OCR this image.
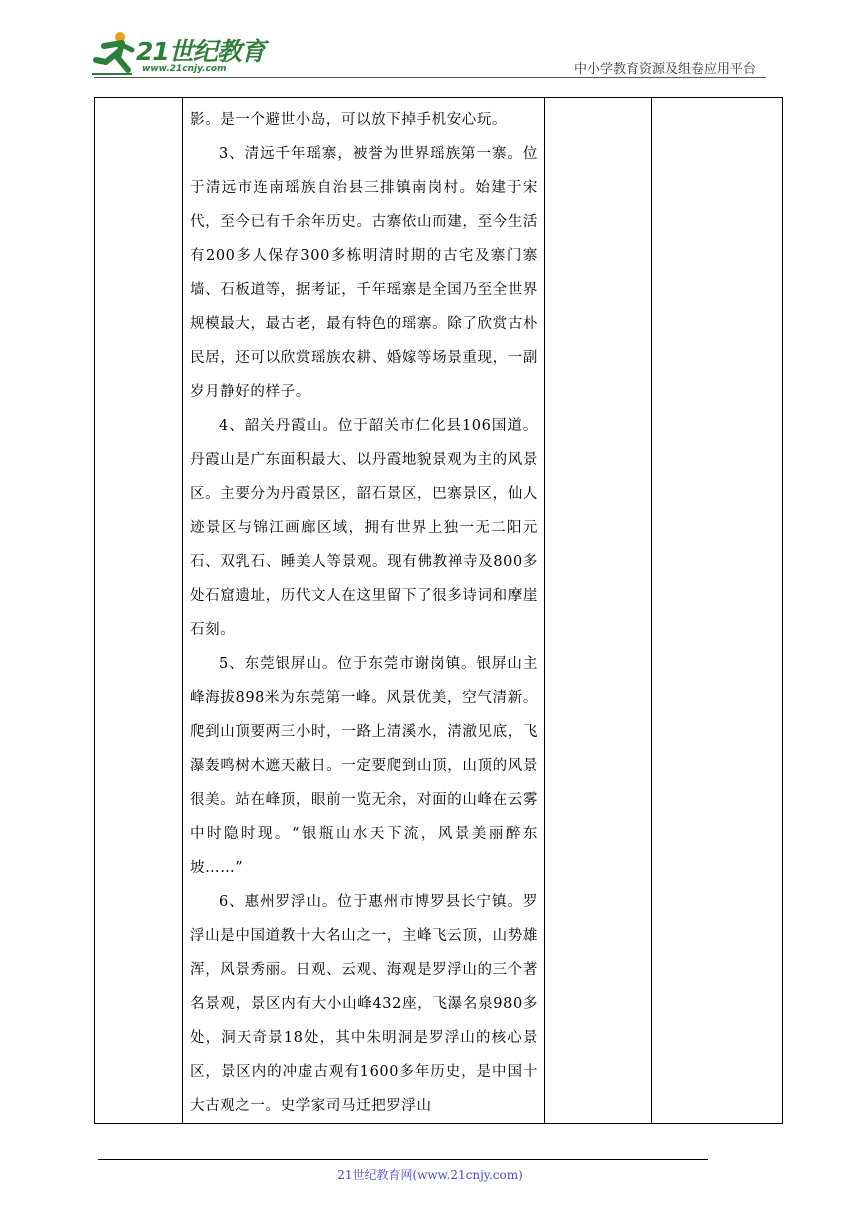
21世纪教育
www.21cnjy.com	中小学教育资源及组卷应用平台

影。是一个避世小岛，可以放下掉手机安心玩。

3、清远千年瑶寨，被誉为世界瑶族第一寨。位于清远市连南瑶族自治县三排镇南岗村。始建于宋代，至今已有千余年历史。古寨依山而建，至今生活有200多人保存300多栋明清时期的古宅及寨门寨墙、石板道等，据考证，千年瑶寨是全国乃至全世界规模最大，最古老，最有特色的瑶寨。除了欣赏古朴民居，还可以欣赏瑶族农耕、婚嫁等场景重现，一副岁月静好的样子。

4、韶关丹霞山。位于韶关市仁化县106国道。丹霞山是广东面积最大、以丹霞地貌景观为主的风景区。主要分为丹霞景区，韶石景区，巴寨景区，仙人迹景区与锦江画廊区域，拥有世界上独一无二阳元石、双乳石、睡美人等景观。现有佛教禅寺及800多处石窟遗址，历代文人在这里留下了很多诗词和摩崖石刻。

5、东莞银屏山。位于东莞市谢岗镇。银屏山主峰海拔898米为东莞第一峰。风景优美，空气清新。爬到山顶要两三小时，一路上清溪水，清澈见底，飞瀑轰鸣树木遮天蔽日。一定要爬到山顶，山顶的风景很美。站在峰顶，眼前一览无余，对面的山峰在云雾中时隐时现。“银瓶山水天下流，风景美丽醉东坡……”

6、惠州罗浮山。位于惠州市博罗县长宁镇。罗浮山是中国道教十大名山之一，主峰飞云顶，山势雄浑，风景秀丽。日观、云观、海观是罗浮山的三个著名景观，景区内有大小山峰432座，飞瀑名泉980多处，洞天奇景18处，其中朱明洞是罗浮山的核心景区，景区内的冲虚古观有1600多年历史，是中国十大古观之一。史学家司马迁把罗浮山

21世纪教育网(www.21cnjy.com)
